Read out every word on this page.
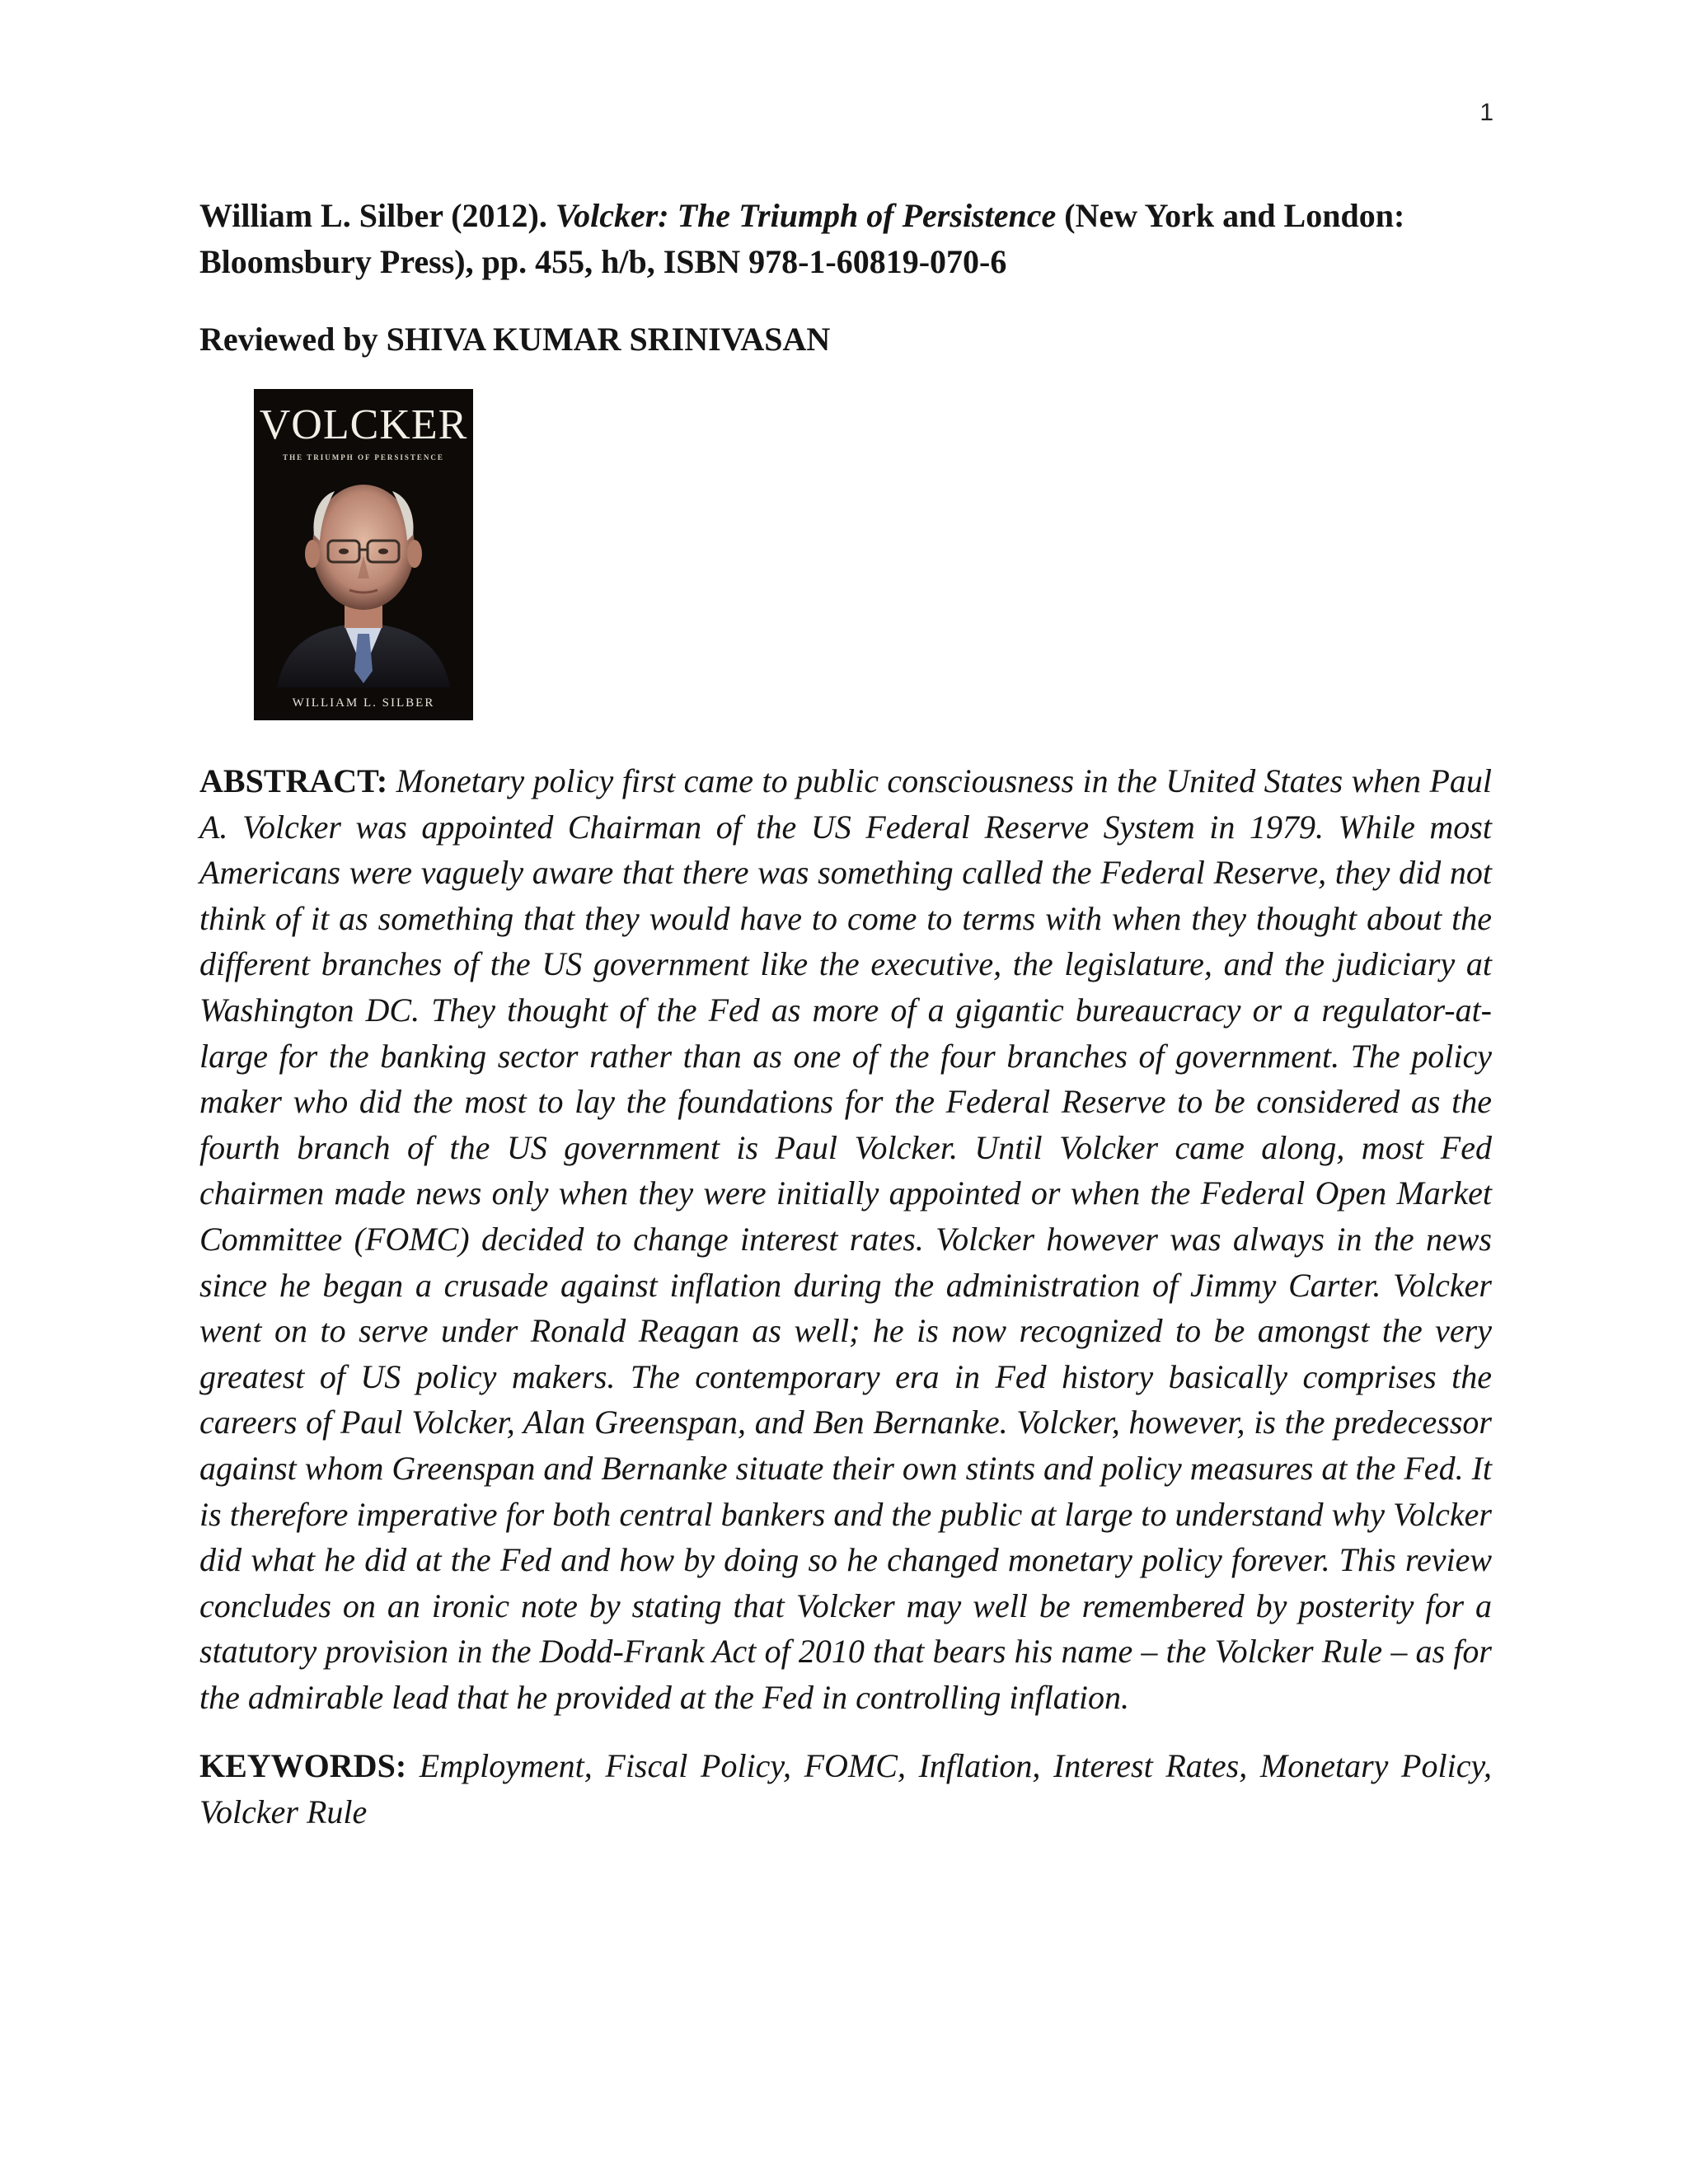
1

William L. Silber (2012). Volcker: The Triumph of Persistence (New York and London: Bloomsbury Press), pp. 455, h/b, ISBN 978-1-60819-070-6

Reviewed by SHIVA KUMAR SRINIVASAN

VOLCKER
THE TRIUMPH OF PERSISTENCE
WILLIAM L. SILBER

ABSTRACT: Monetary policy first came to public consciousness in the United States when Paul A. Volcker was appointed Chairman of the US Federal Reserve System in 1979. While most Americans were vaguely aware that there was something called the Federal Reserve, they did not think of it as something that they would have to come to terms with when they thought about the different branches of the US government like the executive, the legislature, and the judiciary at Washington DC. They thought of the Fed as more of a gigantic bureaucracy or a regulator-at-large for the banking sector rather than as one of the four branches of government. The policy maker who did the most to lay the foundations for the Federal Reserve to be considered as the fourth branch of the US government is Paul Volcker. Until Volcker came along, most Fed chairmen made news only when they were initially appointed or when the Federal Open Market Committee (FOMC) decided to change interest rates. Volcker however was always in the news since he began a crusade against inflation during the administration of Jimmy Carter. Volcker went on to serve under Ronald Reagan as well; he is now recognized to be amongst the very greatest of US policy makers. The contemporary era in Fed history basically comprises the careers of Paul Volcker, Alan Greenspan, and Ben Bernanke. Volcker, however, is the predecessor against whom Greenspan and Bernanke situate their own stints and policy measures at the Fed. It is therefore imperative for both central bankers and the public at large to understand why Volcker did what he did at the Fed and how by doing so he changed monetary policy forever. This review concludes on an ironic note by stating that Volcker may well be remembered by posterity for a statutory provision in the Dodd-Frank Act of 2010 that bears his name – the Volcker Rule – as for the admirable lead that he provided at the Fed in controlling inflation.

KEYWORDS: Employment, Fiscal Policy, FOMC, Inflation, Interest Rates, Monetary Policy, Volcker Rule
